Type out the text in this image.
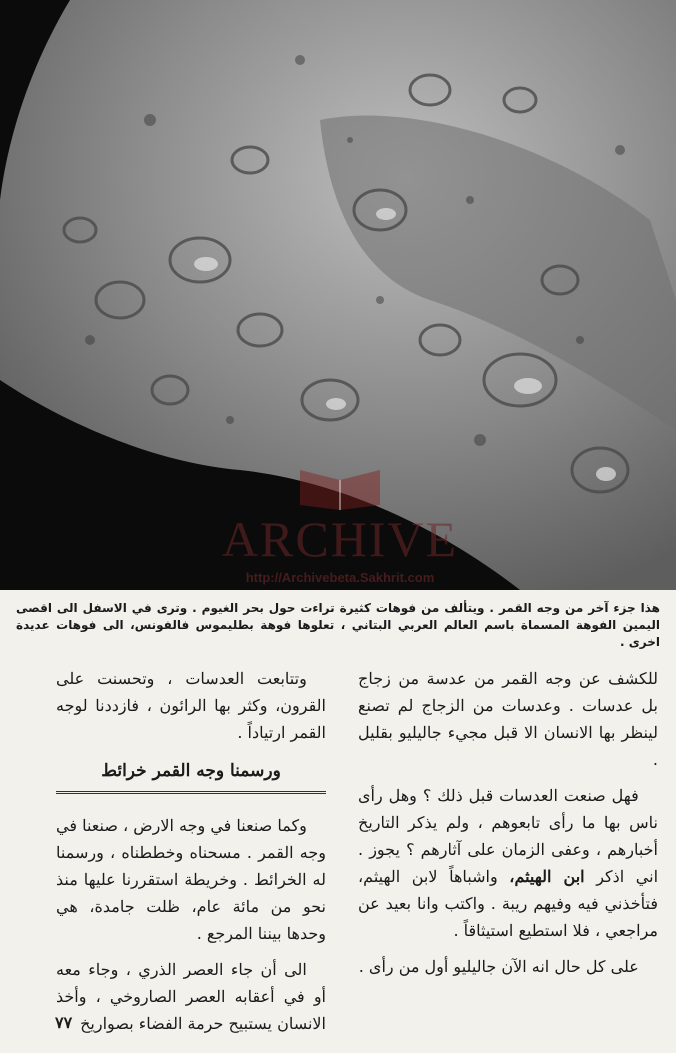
ARCHIVE
http://Archivebeta.Sakhrit.com
هذا جزء آخر من وجه القمر . ويتألف من فوهات كثيرة تراءت حول بحر الغيوم . وترى في الاسفل الى اقصى اليمين الفوهة المسماة باسم العالم العربي البتاني ، تعلوها فوهة بطليموس فالفونس، الى فوهات عديدة اخرى .

للكشف عن وجه القمر من عدسة من زجاج بل عدسات . وعدسات من الزجاج لم تصنع لينظر بها الانسان الا قبل مجيء جاليليو بقليل .

فهل صنعت العدسات قبل ذلك ؟ وهل رأى ناس بها ما رأى تابعوهم ، ولم يذكر التاريخ أخبارهم ، وعفى الزمان على آثارهم ؟ يجوز . اني اذكر ابن الهيثم، واشباهاً لابن الهيثم، فتأخذني فيه وفيهم ريبة . واكتب وانا بعيد عن مراجعي ، فلا استطيع استيثاقاً .

على كل حال انه الآن جاليليو أول من رأى .

وتتابعت العدسات ، وتحسنت على القرون، وكثر بها الرائون ، فازددنا لوجه القمر ارتياداً .

ورسمنا وجه القمر خرائط

وكما صنعنا في وجه الارض ، صنعنا في وجه القمر . مسحناه وخططناه ، ورسمنا له الخرائط . وخريطة استقررنا عليها منذ نحو من مائة عام، ظلت جامدة، هي وحدها بيننا المرجع .

الى أن جاء العصر الذري ، وجاء معه أو في أعقابه العصر الصاروخي ، وأخذ الانسان يستبيح حرمة الفضاء بصواريخ

٧٧
